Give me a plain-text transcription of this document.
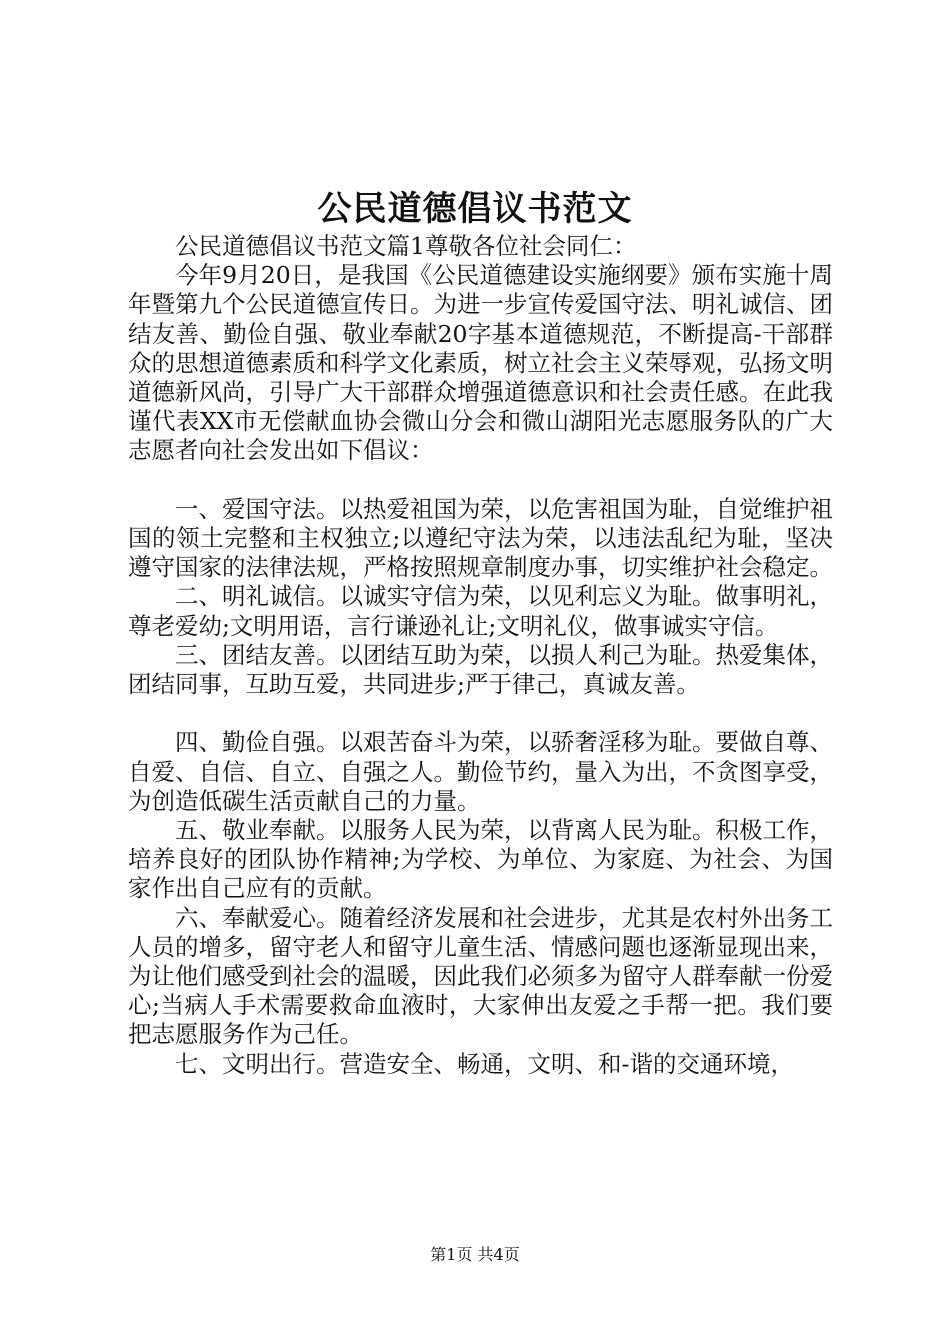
公民道德倡议书范文

公民道德倡议书范文篇1尊敬各位社会同仁：

今年9月20日，是我国《公民道德建设实施纲要》颁布实施十周年暨第九个公民道德宣传日。为进一步宣传爱国守法、明礼诚信、团结友善、勤俭自强、敬业奉献20字基本道德规范，不断提高-干部群众的思想道德素质和科学文化素质，树立社会主义荣辱观，弘扬文明道德新风尚，引导广大干部群众增强道德意识和社会责任感。在此我谨代表XX市无偿献血协会微山分会和微山湖阳光志愿服务队的广大志愿者向社会发出如下倡议：

一、爱国守法。以热爱祖国为荣，以危害祖国为耻，自觉维护祖国的领土完整和主权独立;以遵纪守法为荣，以违法乱纪为耻，坚决遵守国家的法律法规，严格按照规章制度办事，切实维护社会稳定。

二、明礼诚信。以诚实守信为荣，以见利忘义为耻。做事明礼，尊老爱幼;文明用语，言行谦逊礼让;文明礼仪，做事诚实守信。

三、团结友善。以团结互助为荣，以损人利己为耻。热爱集体，团结同事，互助互爱，共同进步;严于律己，真诚友善。

四、勤俭自强。以艰苦奋斗为荣，以骄奢淫移为耻。要做自尊、自爱、自信、自立、自强之人。勤俭节约，量入为出，不贪图享受，为创造低碳生活贡献自己的力量。

五、敬业奉献。以服务人民为荣，以背离人民为耻。积极工作，培养良好的团队协作精神;为学校、为单位、为家庭、为社会、为国家作出自己应有的贡献。

六、奉献爱心。随着经济发展和社会进步，尤其是农村外出务工人员的增多，留守老人和留守儿童生活、情感问题也逐渐显现出来，为让他们感受到社会的温暖，因此我们必须多为留守人群奉献一份爱心;当病人手术需要救命血液时，大家伸出友爱之手帮一把。我们要把志愿服务作为己任。

七、文明出行。营造安全、畅通，文明、和-谐的交通环境，

第1页 共4页
